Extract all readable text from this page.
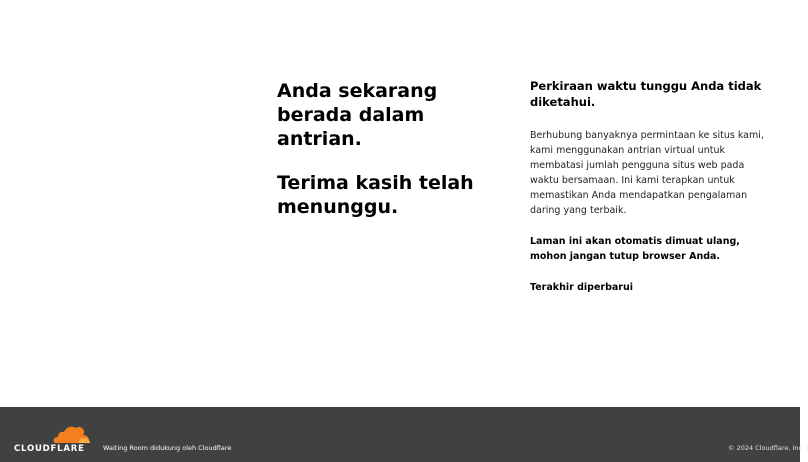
Anda sekarang berada dalam antrian.
Terima kasih telah menunggu.

Perkiraan waktu tunggu Anda tidak diketahui.

Berhubung banyaknya permintaan ke situs kami, kami menggunakan antrian virtual untuk membatasi jumlah pengguna situs web pada waktu bersamaan. Ini kami terapkan untuk memastikan Anda mendapatkan pengalaman daring yang terbaik.

Laman ini akan otomatis dimuat ulang, mohon jangan tutup browser Anda.

Terakhir diperbarui

CLOUDFLARE	Waiting Room didukung oleh Cloudflare	© 2024 Cloudflare, Inc. |
